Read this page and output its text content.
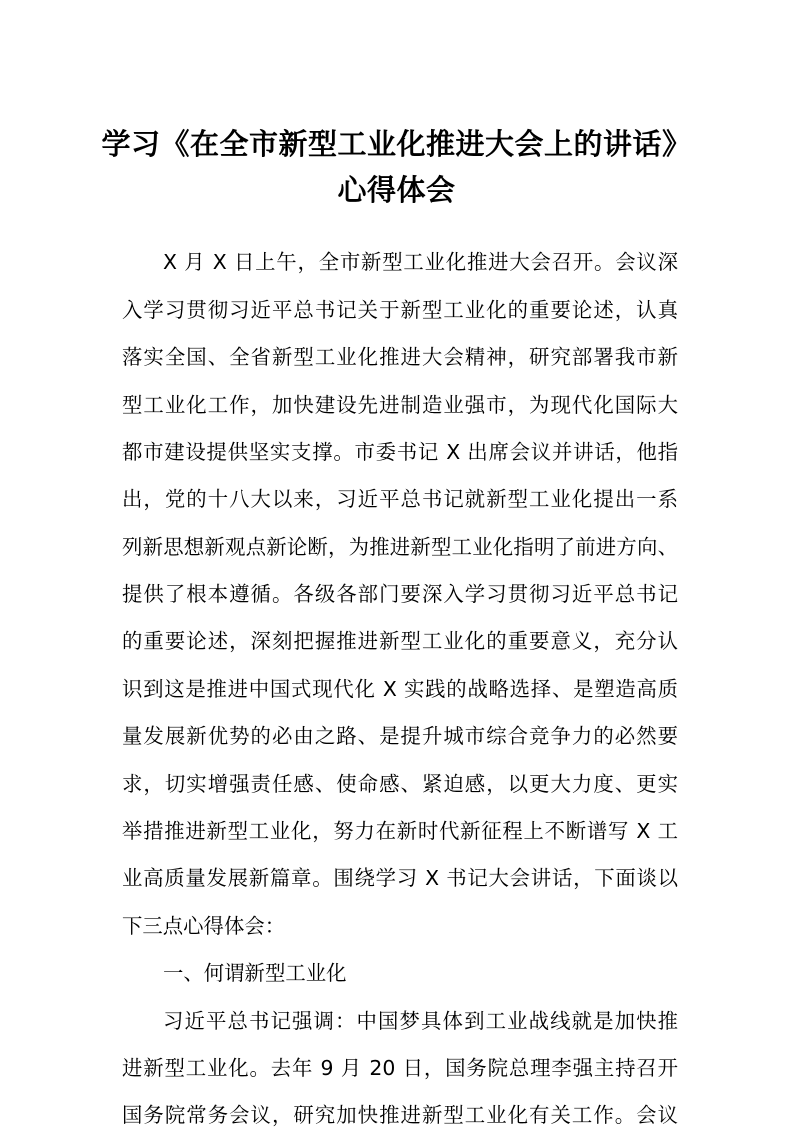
学习《在全市新型工业化推进大会上的讲话》
心得体会
X 月 X 日上午，全市新型工业化推进大会召开。会议深
入学习贯彻习近平总书记关于新型工业化的重要论述，认真
落实全国、全省新型工业化推进大会精神，研究部署我市新
型工业化工作，加快建设先进制造业强市，为现代化国际大
都市建设提供坚实支撑。市委书记 X 出席会议并讲话，他指
出，党的十八大以来，习近平总书记就新型工业化提出一系
列新思想新观点新论断，为推进新型工业化指明了前进方向、
提供了根本遵循。各级各部门要深入学习贯彻习近平总书记
的重要论述，深刻把握推进新型工业化的重要意义，充分认
识到这是推进中国式现代化 X 实践的战略选择、是塑造高质
量发展新优势的必由之路、是提升城市综合竞争力的必然要
求，切实增强责任感、使命感、紧迫感，以更大力度、更实
举措推进新型工业化，努力在新时代新征程上不断谱写 X 工
业高质量发展新篇章。围绕学习 X 书记大会讲话，下面谈以
下三点心得体会：
一、何谓新型工业化
习近平总书记强调：中国梦具体到工业战线就是加快推
进新型工业化。去年 9 月 20 日，国务院总理李强主持召开
国务院常务会议，研究加快推进新型工业化有关工作。会议
